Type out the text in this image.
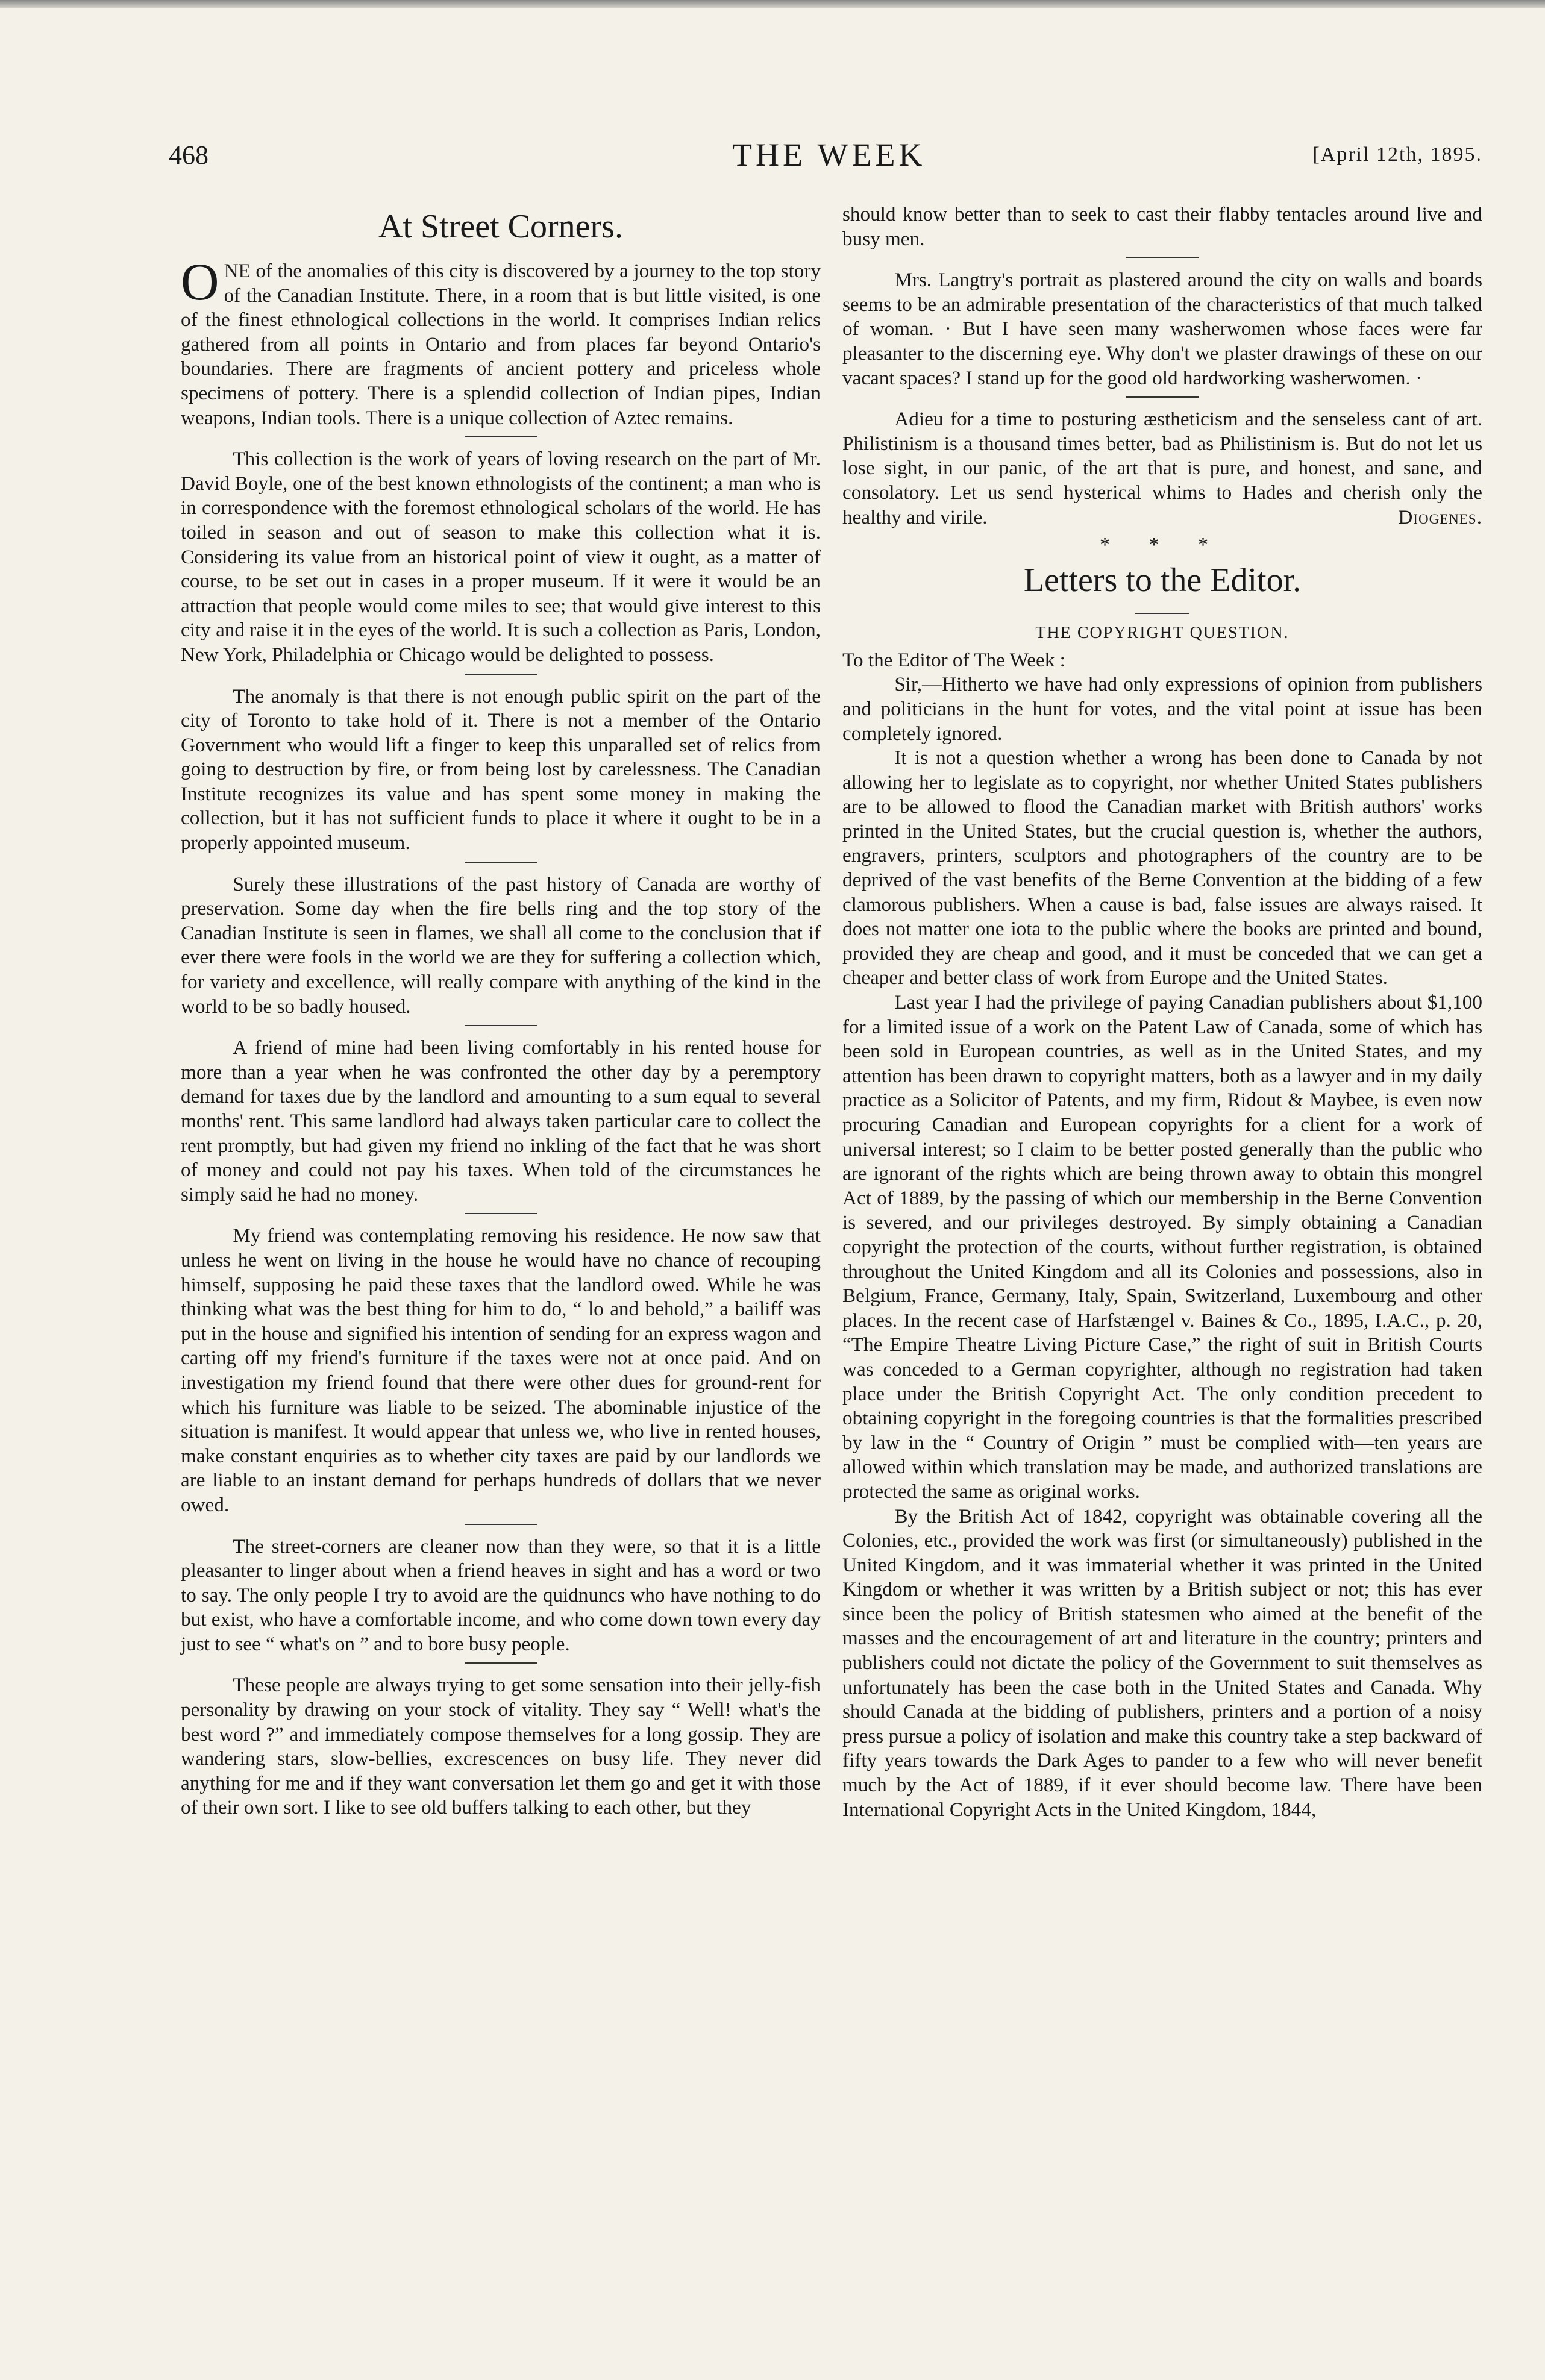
468	THE WEEK	[April 12th, 1895.
At Street Corners.

ONE of the anomalies of this city is discovered by a journey to the top story of the Canadian Institute. There, in a room that is but little visited, is one of the finest ethnological collections in the world. It comprises Indian relics gathered from all points in Ontario and from places far beyond Ontario's boundaries. There are fragments of ancient pottery and priceless whole specimens of pottery. There is a splendid collection of Indian pipes, Indian weapons, Indian tools. There is a unique collection of Aztec remains.

This collection is the work of years of loving research on the part of Mr. David Boyle, one of the best known ethnologists of the continent; a man who is in correspondence with the foremost ethnological scholars of the world. He has toiled in season and out of season to make this collection what it is. Considering its value from an historical point of view it ought, as a matter of course, to be set out in cases in a proper museum. If it were it would be an attraction that people would come miles to see; that would give interest to this city and raise it in the eyes of the world. It is such a collection as Paris, London, New York, Philadelphia or Chicago would be delighted to possess.

The anomaly is that there is not enough public spirit on the part of the city of Toronto to take hold of it. There is not a member of the Ontario Government who would lift a finger to keep this unparalled set of relics from going to destruction by fire, or from being lost by carelessness. The Canadian Institute recognizes its value and has spent some money in making the collection, but it has not sufficient funds to place it where it ought to be in a properly appointed museum.

Surely these illustrations of the past history of Canada are worthy of preservation. Some day when the fire bells ring and the top story of the Canadian Institute is seen in flames, we shall all come to the conclusion that if ever there were fools in the world we are they for suffering a collection which, for variety and excellence, will really compare with anything of the kind in the world to be so badly housed.

A friend of mine had been living comfortably in his rented house for more than a year when he was confronted the other day by a peremptory demand for taxes due by the landlord and amounting to a sum equal to several months' rent. This same landlord had always taken particular care to collect the rent promptly, but had given my friend no inkling of the fact that he was short of money and could not pay his taxes. When told of the circumstances he simply said he had no money.

My friend was contemplating removing his residence. He now saw that unless he went on living in the house he would have no chance of recouping himself, supposing he paid these taxes that the landlord owed. While he was thinking what was the best thing for him to do, “ lo and behold,” a bailiff was put in the house and signified his intention of sending for an express wagon and carting off my friend's furniture if the taxes were not at once paid. And on investigation my friend found that there were other dues for ground-rent for which his furniture was liable to be seized. The abominable injustice of the situation is manifest. It would appear that unless we, who live in rented houses, make constant enquiries as to whether city taxes are paid by our landlords we are liable to an instant demand for perhaps hundreds of dollars that we never owed.

The street-corners are cleaner now than they were, so that it is a little pleasanter to linger about when a friend heaves in sight and has a word or two to say. The only people I try to avoid are the quidnuncs who have nothing to do but exist, who have a comfortable income, and who come down town every day just to see “ what's on ” and to bore busy people.

These people are always trying to get some sensation into their jelly-fish personality by drawing on your stock of vitality. They say “ Well! what's the best word ?” and immediately compose themselves for a long gossip. They are wandering stars, slow-bellies, excrescences on busy life. They never did anything for me and if they want conversation let them go and get it with those of their own sort. I like to see old buffers talking to each other, but they

should know better than to seek to cast their flabby tentacles around live and busy men.

Mrs. Langtry's portrait as plastered around the city on walls and boards seems to be an admirable presentation of the characteristics of that much talked of woman. · But I have seen many washerwomen whose faces were far pleasanter to the discerning eye. Why don't we plaster drawings of these on our vacant spaces? I stand up for the good old hardworking washerwomen. ·

Adieu for a time to posturing æstheticism and the senseless cant of art. Philistinism is a thousand times better, bad as Philistinism is. But do not let us lose sight, in our panic, of the art that is pure, and honest, and sane, and consolatory. Let us send hysterical whims to Hades and cherish only the healthy and virile.	Diogenes.

* * *
Letters to the Editor.
THE COPYRIGHT QUESTION.

To the Editor of The Week :

Sir,—Hitherto we have had only expressions of opinion from publishers and politicians in the hunt for votes, and the vital point at issue has been completely ignored.

It is not a question whether a wrong has been done to Canada by not allowing her to legislate as to copyright, nor whether United States publishers are to be allowed to flood the Canadian market with British authors' works printed in the United States, but the crucial question is, whether the authors, engravers, printers, sculptors and photographers of the country are to be deprived of the vast benefits of the Berne Convention at the bidding of a few clamorous publishers. When a cause is bad, false issues are always raised. It does not matter one iota to the public where the books are printed and bound, provided they are cheap and good, and it must be conceded that we can get a cheaper and better class of work from Europe and the United States.

Last year I had the privilege of paying Canadian publishers about $1,100 for a limited issue of a work on the Patent Law of Canada, some of which has been sold in European countries, as well as in the United States, and my attention has been drawn to copyright matters, both as a lawyer and in my daily practice as a Solicitor of Patents, and my firm, Ridout & Maybee, is even now procuring Canadian and European copyrights for a client for a work of universal interest; so I claim to be better posted generally than the public who are ignorant of the rights which are being thrown away to obtain this mongrel Act of 1889, by the passing of which our membership in the Berne Convention is severed, and our privileges destroyed. By simply obtaining a Canadian copyright the protection of the courts, without further registration, is obtained throughout the United Kingdom and all its Colonies and possessions, also in Belgium, France, Germany, Italy, Spain, Switzerland, Luxembourg and other places. In the recent case of Harfstængel v. Baines & Co., 1895, I.A.C., p. 20, “The Empire Theatre Living Picture Case,” the right of suit in British Courts was conceded to a German copyrighter, although no registration had taken place under the British Copyright Act. The only condition precedent to obtaining copyright in the foregoing countries is that the formalities prescribed by law in the “ Country of Origin ” must be complied with—ten years are allowed within which translation may be made, and authorized translations are protected the same as original works.

By the British Act of 1842, copyright was obtainable covering all the Colonies, etc., provided the work was first (or simultaneously) published in the United Kingdom, and it was immaterial whether it was printed in the United Kingdom or whether it was written by a British subject or not; this has ever since been the policy of British statesmen who aimed at the benefit of the masses and the encouragement of art and literature in the country; printers and publishers could not dictate the policy of the Government to suit themselves as unfortunately has been the case both in the United States and Canada. Why should Canada at the bidding of publishers, printers and a portion of a noisy press pursue a policy of isolation and make this country take a step backward of fifty years towards the Dark Ages to pander to a few who will never benefit much by the Act of 1889, if it ever should become law. There have been International Copyright Acts in the United Kingdom, 1844,
